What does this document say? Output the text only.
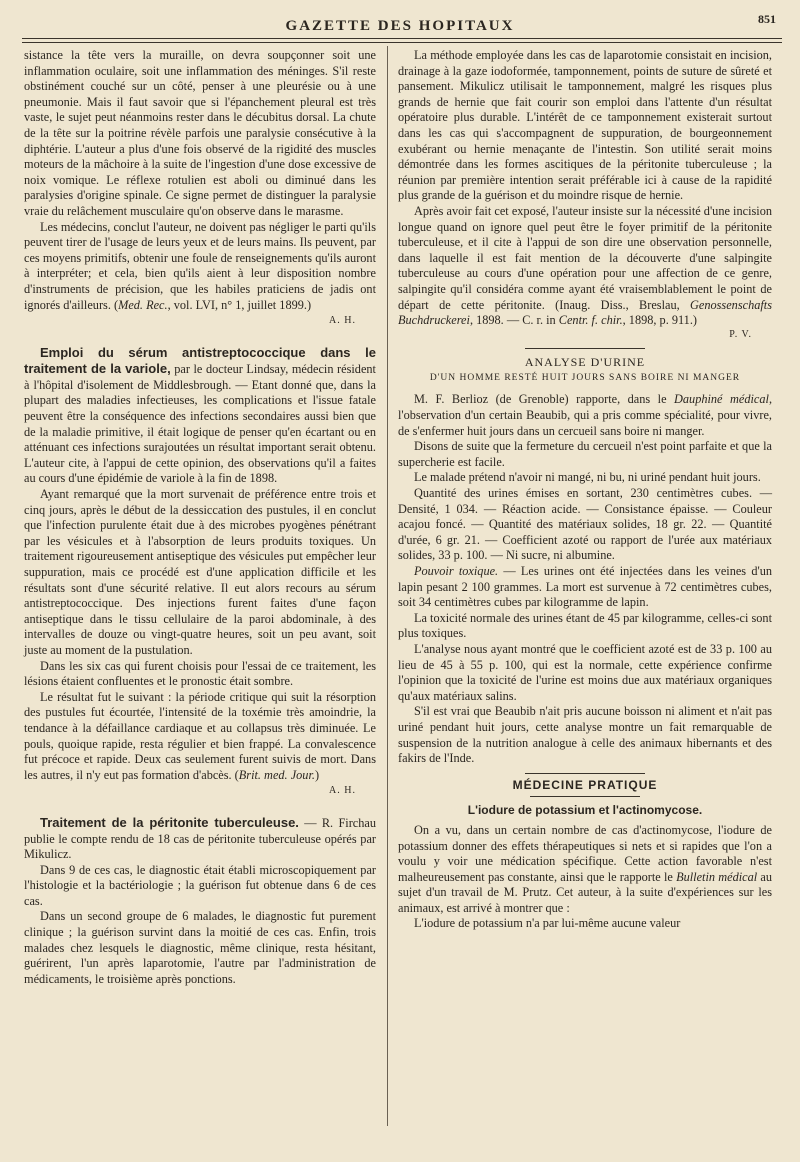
851
GAZETTE DES HOPITAUX

sistance la tête vers la muraille, on devra soupçonner soit une inflammation oculaire, soit une inflammation des méninges. S'il reste obstinément couché sur un côté, penser à une pleurésie ou à une pneumonie. Mais il faut savoir que si l'épanchement pleural est très vaste, le sujet peut néanmoins rester dans le décubitus dorsal. La chute de la tête sur la poitrine révèle parfois une paralysie consécutive à la diphtérie. L'auteur a plus d'une fois observé de la rigidité des muscles moteurs de la mâchoire à la suite de l'ingestion d'une dose excessive de noix vomique. Le réflexe rotulien est aboli ou diminué dans les paralysies d'origine spinale. Ce signe permet de distinguer la paralysie vraie du relâchement musculaire qu'on observe dans le marasme.

Les médecins, conclut l'auteur, ne doivent pas négliger le parti qu'ils peuvent tirer de l'usage de leurs yeux et de leurs mains. Ils peuvent, par ces moyens primitifs, obtenir une foule de renseignements qu'ils auront à interpréter; et cela, bien qu'ils aient à leur disposition nombre d'instruments de précision, que les habiles praticiens de jadis ont ignorés d'ailleurs. (Med. Rec., vol. LVI, n° 1, juillet 1899.)

A. H.

Emploi du sérum antistreptococcique dans le traitement de la variole, par le docteur Lindsay, médecin résident à l'hôpital d'isolement de Middlesbrough. — Etant donné que, dans la plupart des maladies infectieuses, les complications et l'issue fatale peuvent être la conséquence des infections secondaires aussi bien que de la maladie primitive, il était logique de penser qu'en écartant ou en atténuant ces infections surajoutées un résultat important serait obtenu. L'auteur cite, à l'appui de cette opinion, des observations qu'il a faites au cours d'une épidémie de variole à la fin de 1898.

Ayant remarqué que la mort survenait de préférence entre trois et cinq jours, après le début de la dessiccation des pustules, il en conclut que l'infection purulente était due à des microbes pyogènes pénétrant par les vésicules et à l'absorption de leurs produits toxiques. Un traitement rigoureusement antiseptique des vésicules put empêcher leur suppuration, mais ce procédé est d'une application difficile et les résultats sont d'une sécurité relative. Il eut alors recours au sérum antistreptococcique. Des injections furent faites d'une façon antiseptique dans le tissu cellulaire de la paroi abdominale, à des intervalles de douze ou vingt-quatre heures, soit un peu avant, soit juste au moment de la pustulation.

Dans les six cas qui furent choisis pour l'essai de ce traitement, les lésions étaient confluentes et le pronostic était sombre.

Le résultat fut le suivant : la période critique qui suit la résorption des pustules fut écourtée, l'intensité de la toxémie très amoindrie, la tendance à la défaillance cardiaque et au collapsus très diminuée. Le pouls, quoique rapide, resta régulier et bien frappé. La convalescence fut précoce et rapide. Deux cas seulement furent suivis de mort. Dans les autres, il n'y eut pas formation d'abcès. (Brit. med. Jour.)

A. H.

Traitement de la péritonite tuberculeuse. — R. Firchau publie le compte rendu de 18 cas de péritonite tuberculeuse opérés par Mikulicz.

Dans 9 de ces cas, le diagnostic était établi microscopiquement par l'histologie et la bactériologie ; la guérison fut obtenue dans 6 de ces cas.

Dans un second groupe de 6 malades, le diagnostic fut purement clinique ; la guérison survint dans la moitié de ces cas. Enfin, trois malades chez lesquels le diagnostic, même clinique, resta hésitant, guérirent, l'un après laparotomie, l'autre par l'administration de médicaments, le troisième après ponctions.

La méthode employée dans les cas de laparotomie consistait en incision, drainage à la gaze iodoformée, tamponnement, points de suture de sûreté et pansement. Mikulicz utilisait le tamponnement, malgré les risques plus grands de hernie que fait courir son emploi dans l'attente d'un résultat opératoire plus durable. L'intérêt de ce tamponnement existerait surtout dans les cas qui s'accompagnent de suppuration, de bourgeonnement exubérant ou hernie menaçante de l'intestin. Son utilité serait moins démontrée dans les formes ascitiques de la péritonite tuberculeuse ; la réunion par première intention serait préférable ici à cause de la rapidité plus grande de la guérison et du moindre risque de hernie.

Après avoir fait cet exposé, l'auteur insiste sur la nécessité d'une incision longue quand on ignore quel peut être le foyer primitif de la péritonite tuberculeuse, et il cite à l'appui de son dire une observation personnelle, dans laquelle il est fait mention de la découverte d'une salpingite tuberculeuse au cours d'une opération pour une affection de ce genre, salpingite qu'il considéra comme ayant été vraisemblablement le point de départ de cette péritonite. (Inaug. Diss., Breslau, Genossenschafts Buchdruckerei, 1898. — C. r. in Centr. f. chir., 1898, p. 911.)

P. V.
ANALYSE D'URINE
D'UN HOMME RESTÉ HUIT JOURS SANS BOIRE NI MANGER

M. F. Berlioz (de Grenoble) rapporte, dans le Dauphiné médical, l'observation d'un certain Beaubib, qui a pris comme spécialité, pour vivre, de s'enfermer huit jours dans un cercueil sans boire ni manger.

Disons de suite que la fermeture du cercueil n'est point parfaite et que la supercherie est facile.

Le malade prétend n'avoir ni mangé, ni bu, ni uriné pendant huit jours.

Quantité des urines émises en sortant, 230 centimètres cubes. — Densité, 1 034. — Réaction acide. — Consistance épaisse. — Couleur acajou foncé. — Quantité des matériaux solides, 18 gr. 22. — Quantité d'urée, 6 gr. 21. — Coefficient azoté ou rapport de l'urée aux matériaux solides, 33 p. 100. — Ni sucre, ni albumine.

Pouvoir toxique. — Les urines ont été injectées dans les veines d'un lapin pesant 2 100 grammes. La mort est survenue à 72 centimètres cubes, soit 34 centimètres cubes par kilogramme de lapin.

La toxicité normale des urines étant de 45 par kilogramme, celles-ci sont plus toxiques.

L'analyse nous ayant montré que le coefficient azoté est de 33 p. 100 au lieu de 45 à 55 p. 100, qui est la normale, cette expérience confirme l'opinion que la toxicité de l'urine est moins due aux matériaux organiques qu'aux matériaux salins.

S'il est vrai que Beaubib n'ait pris aucune boisson ni aliment et n'ait pas uriné pendant huit jours, cette analyse montre un fait remarquable de suspension de la nutrition analogue à celle des animaux hibernants et des fakirs de l'Inde.

MÉDECINE PRATIQUE
L'iodure de potassium et l'actinomycose.

On a vu, dans un certain nombre de cas d'actinomycose, l'iodure de potassium donner des effets thérapeutiques si nets et si rapides que l'on a voulu y voir une médication spécifique. Cette action favorable n'est malheureusement pas constante, ainsi que le rapporte le Bulletin médical au sujet d'un travail de M. Prutz. Cet auteur, à la suite d'expériences sur les animaux, est arrivé à montrer que :

L'iodure de potassium n'a par lui-même aucune valeur
